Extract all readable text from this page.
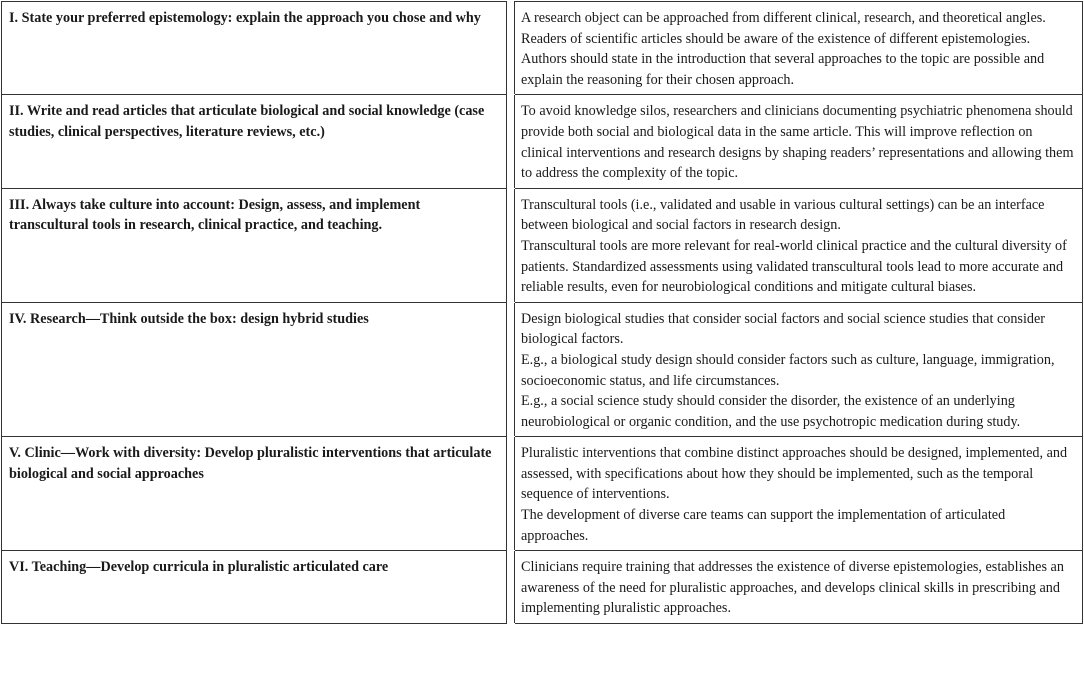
I. State your preferred epistemology: explain the approach you chose and why		A research object can be approached from different clinical, research, and theoretical angles. Readers of scientific articles should be aware of the existence of different epistemologies. Authors should state in the introduction that several approaches to the topic are possible and explain the reasoning for their chosen approach.

II. Write and read articles that articulate biological and social knowledge (case studies, clinical perspectives, literature reviews, etc.)		To avoid knowledge silos, researchers and clinicians documenting psychiatric phenomena should provide both social and biological data in the same article. This will improve reflection on clinical interventions and research designs by shaping readers’ representations and allowing them to address the complexity of the topic.

III. Always take culture into account: Design, assess, and implement transcultural tools in research, clinical practice, and teaching.		Transcultural tools (i.e., validated and usable in various cultural settings) can be an interface between biological and social factors in research design.
Transcultural tools are more relevant for real-world clinical practice and the cultural diversity of patients. Standardized assessments using validated transcultural tools lead to more accurate and reliable results, even for neurobiological conditions and mitigate cultural biases.

IV. Research—Think outside the box: design hybrid studies		Design biological studies that consider social factors and social science studies that consider biological factors.
E.g., a biological study design should consider factors such as culture, language, immigration, socioeconomic status, and life circumstances.
E.g., a social science study should consider the disorder, the existence of an underlying neurobiological or organic condition, and the use psychotropic medication during study.

V. Clinic—Work with diversity: Develop pluralistic interventions that articulate biological and social approaches		Pluralistic interventions that combine distinct approaches should be designed, implemented, and assessed, with specifications about how they should be implemented, such as the temporal sequence of interventions.
The development of diverse care teams can support the implementation of articulated approaches.

VI. Teaching—Develop curricula in pluralistic articulated care		Clinicians require training that addresses the existence of diverse epistemologies, establishes an awareness of the need for pluralistic approaches, and develops clinical skills in prescribing and implementing pluralistic approaches.
